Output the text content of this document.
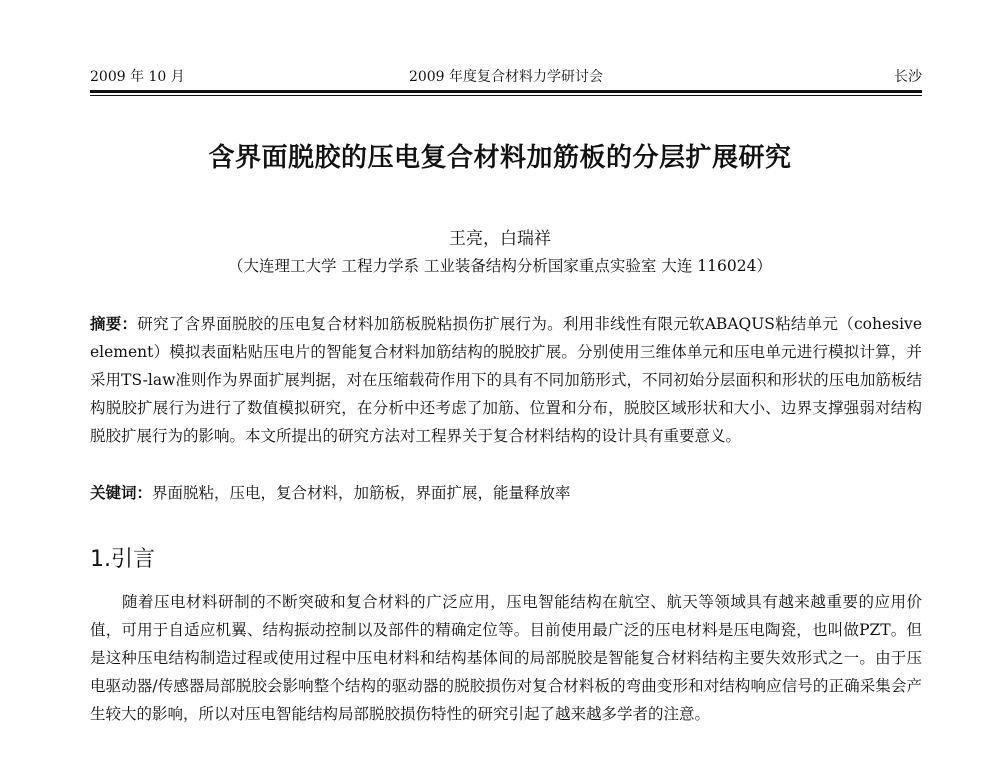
2009 年 10 月	2009 年度复合材料力学研讨会	长沙
含界面脱胶的压电复合材料加筋板的分层扩展研究
王亮，白瑞祥
（大连理工大学 工程力学系 工业装备结构分析国家重点实验室 大连 116024）

摘要：研究了含界面脱胶的压电复合材料加筋板脱粘损伤扩展行为。利用非线性有限元软ABAQUS粘结单元（cohesive element）模拟表面粘贴压电片的智能复合材料加筋结构的脱胶扩展。分别使用三维体单元和压电单元进行模拟计算，并采用TS-law准则作为界面扩展判据，对在压缩载荷作用下的具有不同加筋形式，不同初始分层面积和形状的压电加筋板结构脱胶扩展行为进行了数值模拟研究，在分析中还考虑了加筋、位置和分布，脱胶区域形状和大小、边界支撑强弱对结构脱胶扩展行为的影响。本文所提出的研究方法对工程界关于复合材料结构的设计具有重要意义。

关键词：界面脱粘，压电，复合材料，加筋板，界面扩展，能量释放率
1.引言

随着压电材料研制的不断突破和复合材料的广泛应用，压电智能结构在航空、航天等领域具有越来越重要的应用价值，可用于自适应机翼、结构振动控制以及部件的精确定位等。目前使用最广泛的压电材料是压电陶瓷，也叫做PZT。但是这种压电结构制造过程或使用过程中压电材料和结构基体间的局部脱胶是智能复合材料结构主要失效形式之一。由于压电驱动器/传感器局部脱胶会影响整个结构的驱动器的脱胶损伤对复合材料板的弯曲变形和对结构响应信号的正确采集会产生较大的影响，所以对压电智能结构局部脱胶损伤特性的研究引起了越来越多学者的注意。
